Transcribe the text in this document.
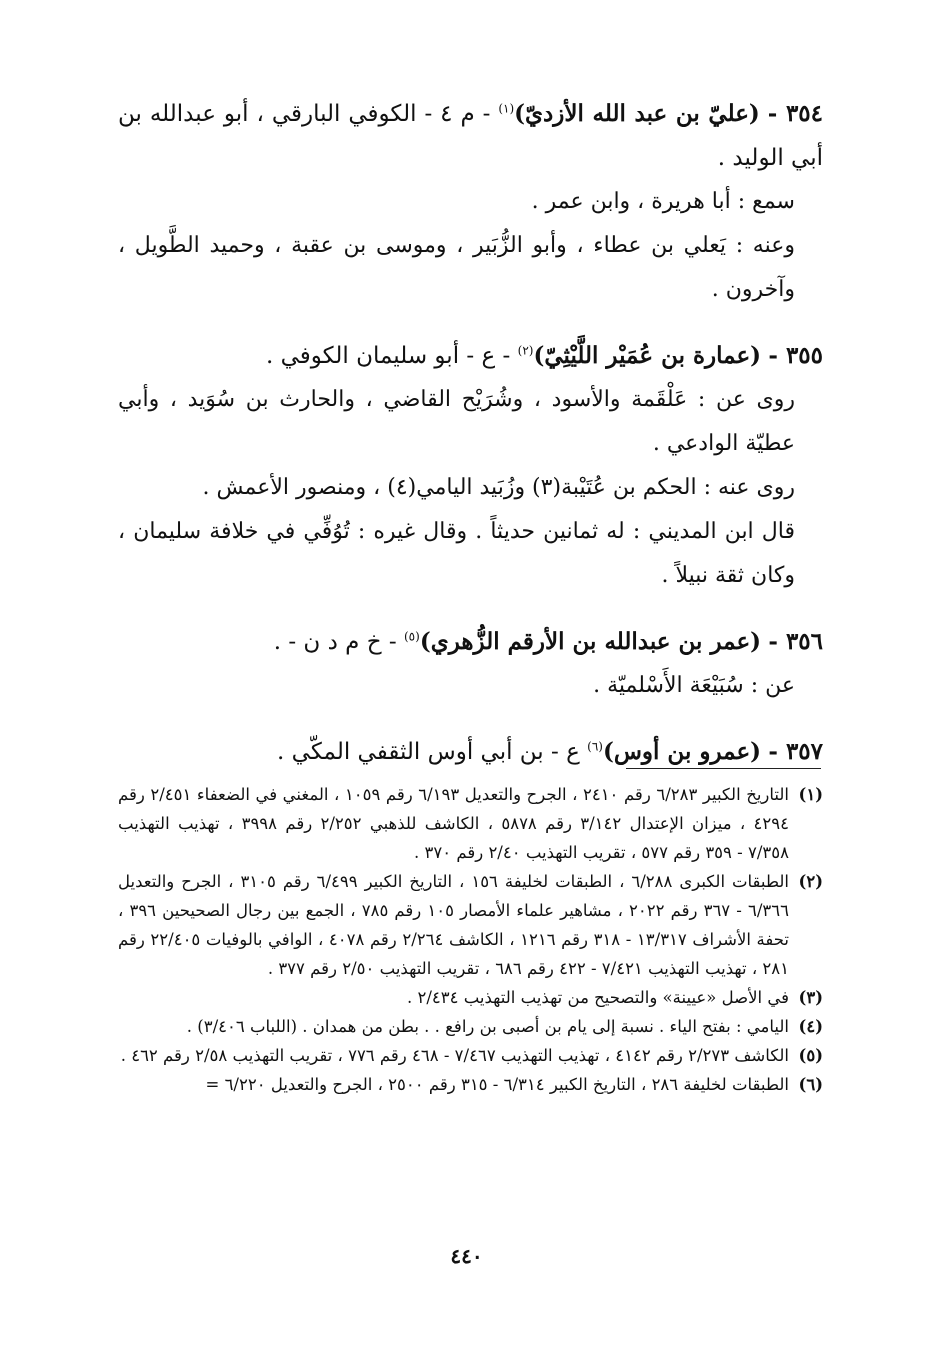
٣٥٤ - (عليّ بن عبد الله الأزديّ)$^{(١)}$ - م ٤ - الكوفي البارقي ، أبو عبدالله بن أبي الوليد .

سمع : أبا هريرة ، وابن عمر .

وعنه : يَعلي بن عطاء ، وأبو الزُّبَير ، وموسى بن عقبة ، وحميد الطَّويل ، وآخرون .

٣٥٥ - (عمارة بن عُمَيْر اللَّيْثِيّ)$^{(٢)}$ - ع - أبو سليمان الكوفي .

روى عن : عَلْقَمة والأسود ، وشُرَيْح القاضي ، والحارث بن سُوَيد ، وأبي عطيّة الوادعي .

روى عنه : الحكم بن عُتَيْبة(٣) وزُبَيد اليامي(٤) ، ومنصور الأعمش .

قال ابن المديني : له ثمانين حديثاً . وقال غيره : تُوُفِّي في خلافة سليمان ، وكان ثقة نبيلاً .

٣٥٦ - (عمر بن عبدالله بن الأرقم الزُّهري)$^{(٥)}$ - خ م د ن - .

عن : سُبَيْعَة الأَسْلميّة .

٣٥٧ - (عمرو بن أوس)$^{(٦)}$ ع - بن أبي أوس الثقفي المكّي .

(١)
التاريخ الكبير ٦/٢٨٣ رقم ٢٤١٠ ، الجرح والتعديل ٦/١٩٣ رقم ١٠٥٩ ، المغني في الضعفاء ٢/٤٥١ رقم ٤٢٩٤ ، ميزان الإعتدال ٣/١٤٢ رقم ٥٨٧٨ ، الكاشف للذهبي ٢/٢٥٢ رقم ٣٩٩٨ ، تهذيب التهذيب ٧/٣٥٨ - ٣٥٩ رقم ٥٧٧ ، تقريب التهذيب ٢/٤٠ رقم ٣٧٠ .
(٢)
الطبقات الكبرى ٦/٢٨٨ ، الطبقات لخليفة ١٥٦ ، التاريخ الكبير ٦/٤٩٩ رقم ٣١٠٥ ، الجرح والتعديل ٦/٣٦٦ - ٣٦٧ رقم ٢٠٢٢ ، مشاهير علماء الأمصار ١٠٥ رقم ٧٨٥ ، الجمع بين رجال الصحيحين ٣٩٦ ، تحفة الأشراف ١٣/٣١٧ - ٣١٨ رقم ١٢١٦ ، الكاشف ٢/٢٦٤ رقم ٤٠٧٨ ، الوافي بالوفيات ٢٢/٤٠٥ رقم ٢٨١ ، تهذيب التهذيب ٧/٤٢١ - ٤٢٢ رقم ٦٨٦ ، تقريب التهذيب ٢/٥٠ رقم ٣٧٧ .
(٣)
في الأصل «عيينة» والتصحيح من تهذيب التهذيب ٢/٤٣٤ .
(٤)
اليامي : بفتح الياء . نسبة إلى يام بن أصبى بن رافع . . بطن من همدان . (اللباب ٣/٤٠٦) .
(٥)
الكاشف ٢/٢٧٣ رقم ٤١٤٢ ، تهذيب التهذيب ٧/٤٦٧ - ٤٦٨ رقم ٧٧٦ ، تقريب التهذيب ٢/٥٨ رقم ٤٦٢ .
(٦)
الطبقات لخليفة ٢٨٦ ، التاريخ الكبير ٦/٣١٤ - ٣١٥ رقم ٢٥٠٠ ، الجرح والتعديل ٦/٢٢٠ =
٤٤٠
